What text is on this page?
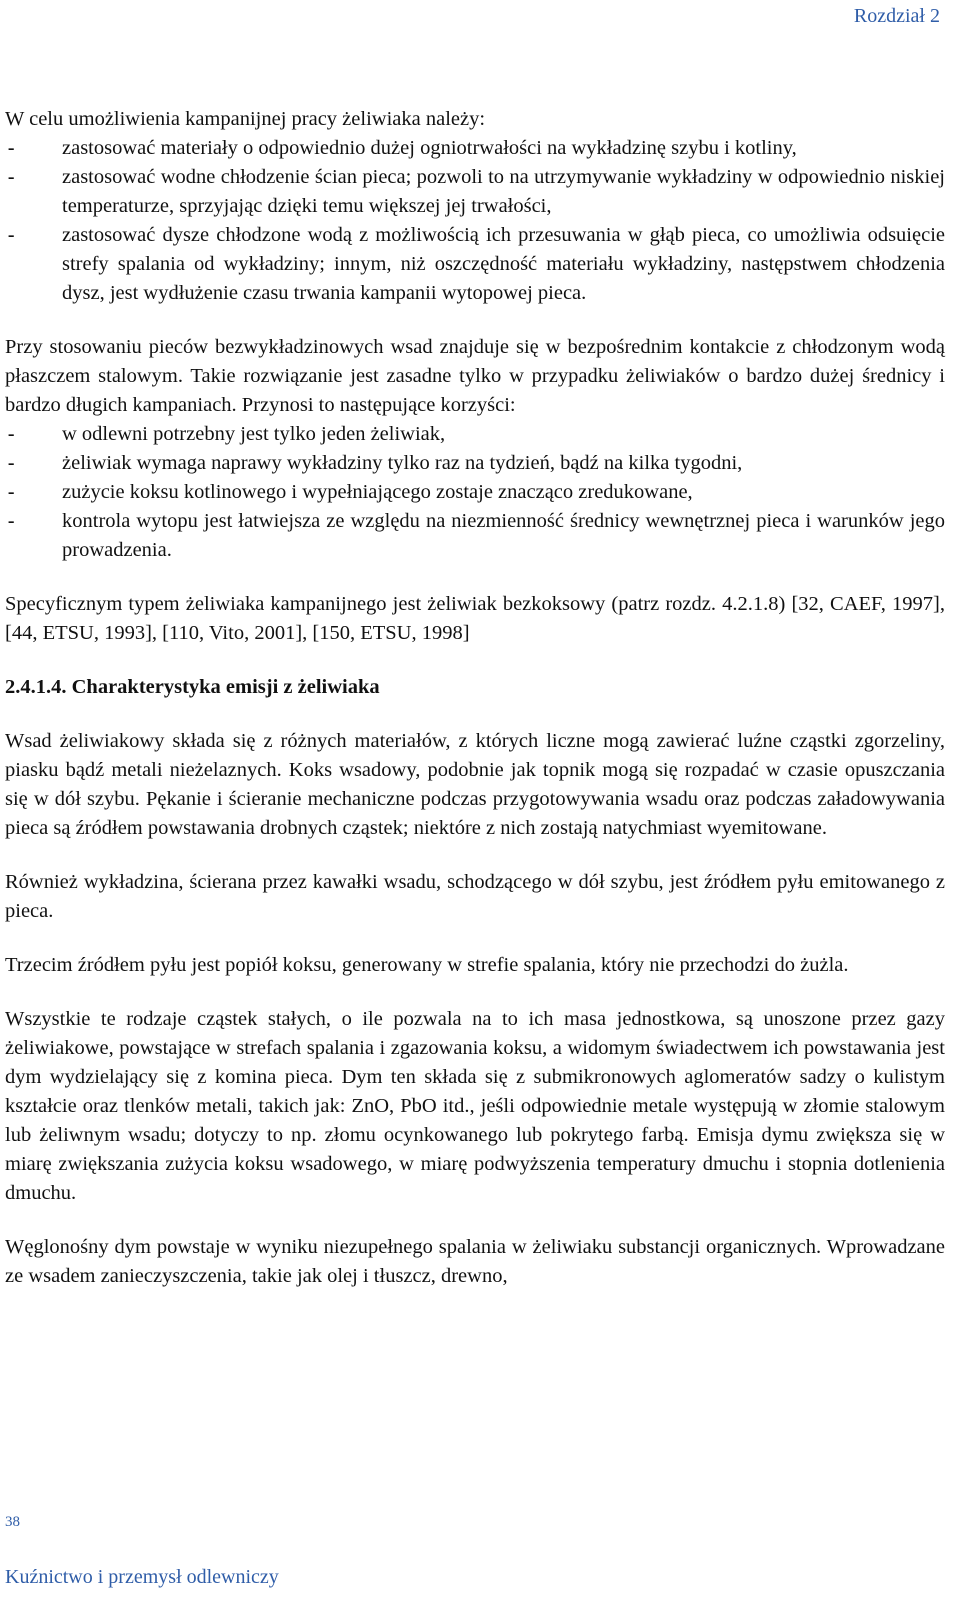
Rozdział 2

W celu umożliwienia kampanijnej pracy żeliwiaka należy:

-	zastosować materiały o odpowiednio dużej ogniotrwałości na wykładzinę szybu i kotliny,
-	zastosować wodne chłodzenie ścian pieca; pozwoli to na utrzymywanie wykładziny w odpowiednio niskiej temperaturze, sprzyjając dzięki temu większej jej trwałości,
-	zastosować dysze chłodzone wodą z możliwością ich przesuwania w głąb pieca, co umożliwia odsuięcie strefy spalania od wykładziny; innym, niż oszczędność materiału wykładziny, następstwem chłodzenia dysz, jest wydłużenie czasu trwania kampanii wytopowej pieca.

Przy stosowaniu pieców bezwykładzinowych wsad znajduje się w bezpośrednim kontakcie z chłodzonym wodą płaszczem stalowym. Takie rozwiązanie jest zasadne tylko w przypadku żeliwiaków o bardzo dużej średnicy i bardzo długich kampaniach. Przynosi to następujące korzyści:

-	w odlewni potrzebny jest tylko jeden żeliwiak,
-	żeliwiak wymaga naprawy wykładziny tylko raz na tydzień, bądź na kilka tygodni,
-	zużycie koksu kotlinowego i wypełniającego zostaje znacząco zredukowane,
-	kontrola wytopu jest łatwiejsza ze względu na niezmienność średnicy wewnętrznej pieca i warunków jego prowadzenia.

Specyficznym typem żeliwiaka kampanijnego jest żeliwiak bezkoksowy (patrz rozdz. 4.2.1.8) [32, CAEF, 1997], [44, ETSU, 1993], [110, Vito, 2001], [150, ETSU, 1998]

2.4.1.4. Charakterystyka emisji z żeliwiaka

Wsad żeliwiakowy składa się z różnych materiałów, z których liczne mogą zawierać luźne cząstki zgorzeliny, piasku bądź metali nieżelaznych. Koks wsadowy, podobnie jak topnik mogą się rozpadać w czasie opuszczania się w dół szybu. Pękanie i ścieranie mechaniczne podczas przygotowywania wsadu oraz podczas załadowywania pieca są źródłem powstawania drobnych cząstek; niektóre z nich zostają natychmiast wyemitowane.

Również wykładzina, ścierana przez kawałki wsadu, schodzącego w dół szybu, jest źródłem pyłu emitowanego z pieca.

Trzecim źródłem pyłu jest popiół koksu, generowany w strefie spalania, który nie przechodzi do żużla.

Wszystkie te rodzaje cząstek stałych, o ile pozwala na to ich masa jednostkowa, są unoszone przez gazy żeliwiakowe, powstające w strefach spalania i zgazowania koksu, a widomym świadectwem ich powstawania jest dym wydzielający się z komina pieca. Dym ten składa się z submikronowych aglomeratów sadzy o kulistym kształcie oraz tlenków metali, takich jak: ZnO, PbO itd., jeśli odpowiednie metale występują w złomie stalowym lub żeliwnym wsadu; dotyczy to np. złomu ocynkowanego lub pokrytego farbą. Emisja dymu zwiększa się w miarę zwiększania zużycia koksu wsadowego, w miarę podwyższenia temperatury dmuchu i stopnia dotlenienia dmuchu.

Węglonośny dym powstaje w wyniku niezupełnego spalania w żeliwiaku substancji organicznych. Wprowadzane ze wsadem zanieczyszczenia, takie jak olej i tłuszcz, drewno,

38
Kuźnictwo i przemysł odlewniczy
